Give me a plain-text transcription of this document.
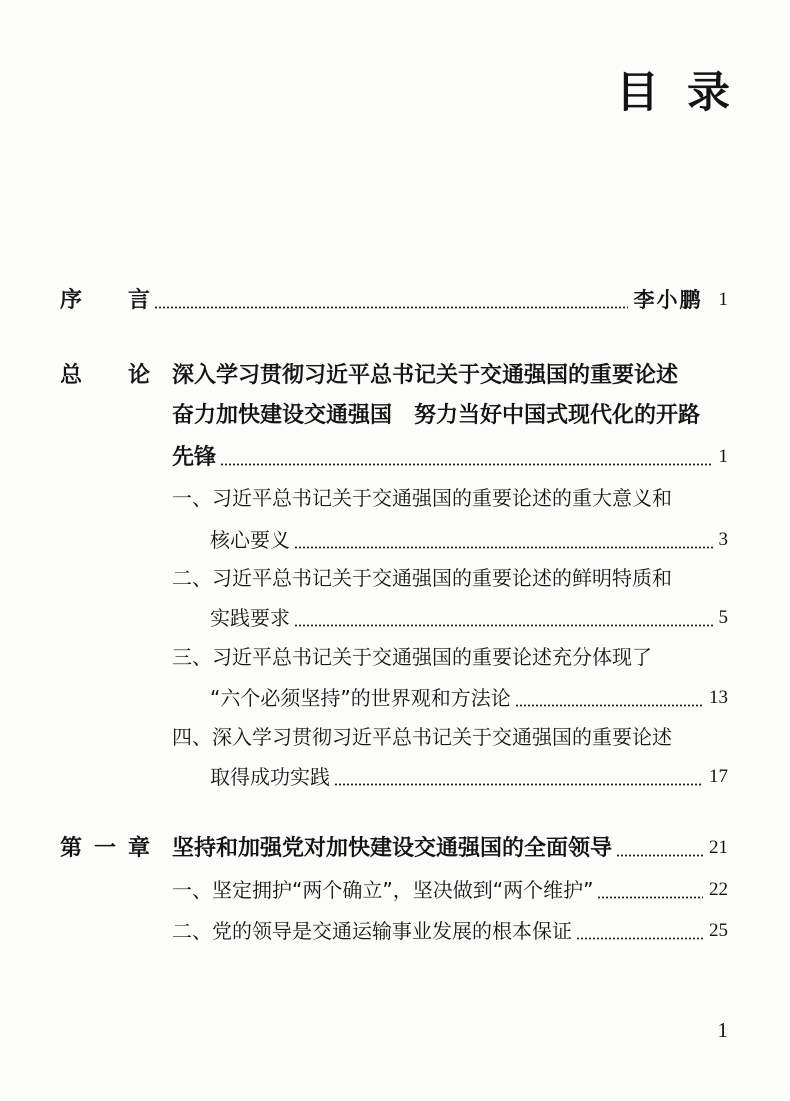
目 录
序 言	李小鹏 1
总 论 深入学习贯彻习近平总书记关于交通强国的重要论述
奋力加快建设交通强国　努力当好中国式现代化的开路
先锋	1
一、习近平总书记关于交通强国的重要论述的重大意义和
核心要义	3
二、习近平总书记关于交通强国的重要论述的鲜明特质和
实践要求	5
三、习近平总书记关于交通强国的重要论述充分体现了
“六个必须坚持”的世界观和方法论	13
四、深入学习贯彻习近平总书记关于交通强国的重要论述
取得成功实践	17
第 一 章 坚持和加强党对加快建设交通强国的全面领导	21
一、坚定拥护“两个确立”，坚决做到“两个维护”	22
二、党的领导是交通运输事业发展的根本保证	25
1
